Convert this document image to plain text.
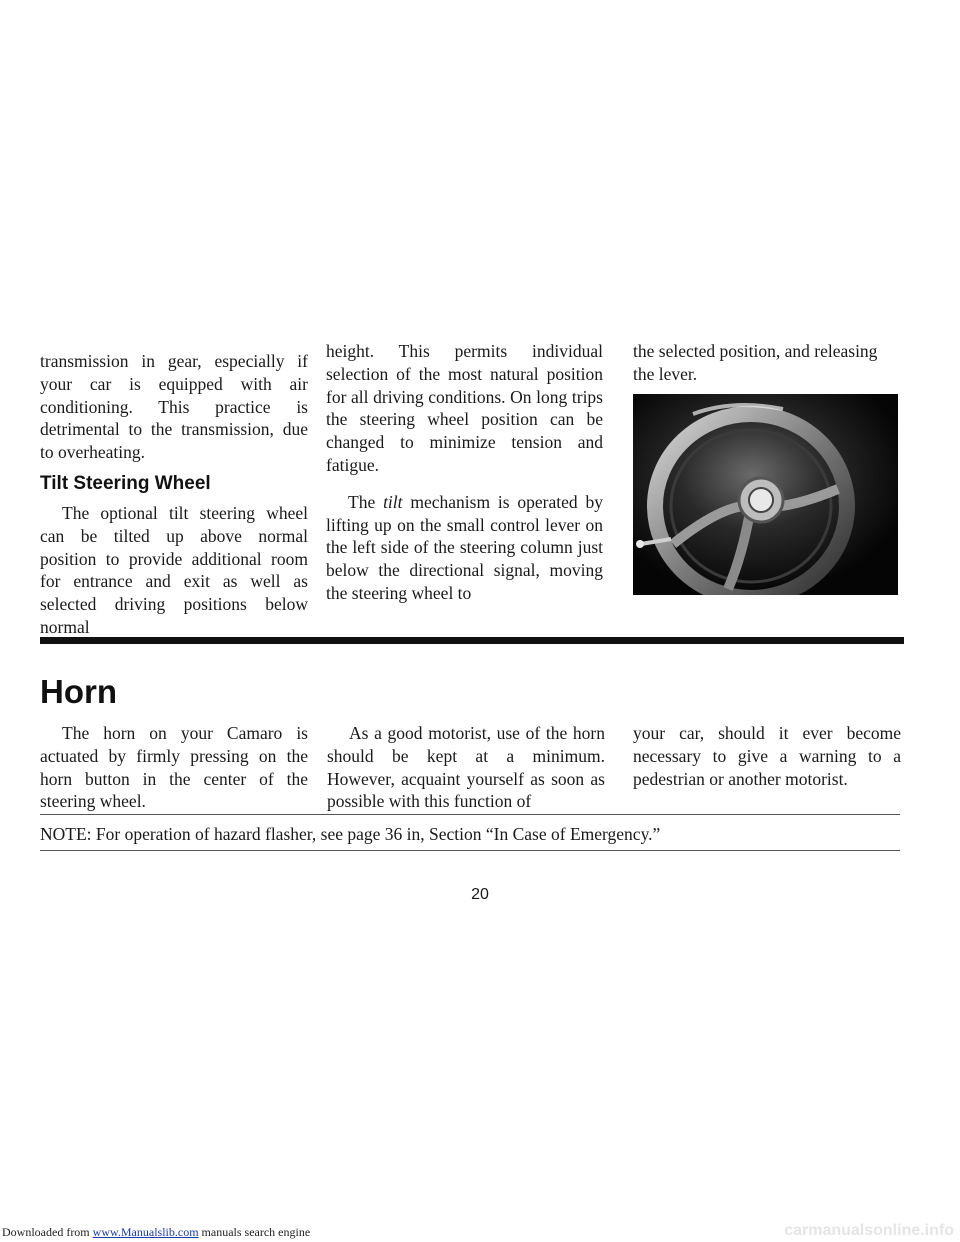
transmission in gear, especially if your car is equipped with air conditioning. This practice is detrimental to the transmission, due to overheating.

Tilt Steering Wheel

The optional tilt steering wheel can be tilted up above normal position to provide additional room for entrance and exit as well as selected driving positions below normal

height. This permits individual selection of the most natural position for all driving conditions. On long trips the steering wheel position can be changed to minimize tension and fatigue.

The tilt mechanism is operated by lifting up on the small control lever on the left side of the steering column just below the directional signal, moving the steering wheel to

the selected position, and releasing the lever.

Horn

The horn on your Camaro is actuated by firmly pressing on the horn button in the center of the steering wheel.

As a good motorist, use of the horn should be kept at a minimum. However, acquaint yourself as soon as possible with this function of

your car, should it ever become necessary to give a warning to a pedestrian or another motorist.

NOTE: For operation of hazard flasher, see page 36 in, Section “In Case of Emergency.”

20
Downloaded from www.Manualslib.com manuals search engine	carmanualsonline.info
